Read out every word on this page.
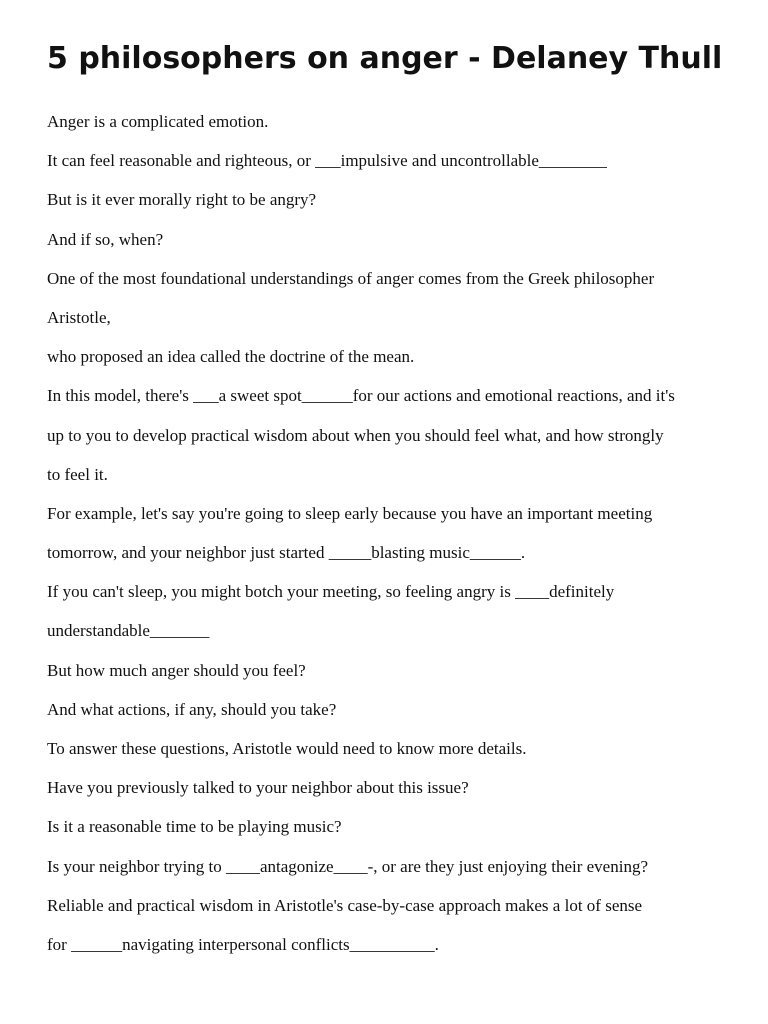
5 philosophers on anger - Delaney Thull
Anger is a complicated emotion.
It can feel reasonable and righteous, or ___impulsive and uncontrollable________
But is it ever morally right to be angry?
And if so, when?
One of the most foundational understandings of anger comes from the Greek philosopher
Aristotle,
who proposed an idea called the doctrine of the mean.
In this model, there's ___a sweet spot______for our actions and emotional reactions, and it's
up to you to develop practical wisdom about when you should feel what, and how strongly
to feel it.
For example, let's say you're going to sleep early because you have an important meeting
tomorrow, and your neighbor just started _____blasting music______.
If you can't sleep, you might botch your meeting, so feeling angry is ____definitely
understandable_______
But how much anger should you feel?
And what actions, if any, should you take?
To answer these questions, Aristotle would need to know more details.
Have you previously talked to your neighbor about this issue?
Is it a reasonable time to be playing music?
Is your neighbor trying to ____antagonize____-, or are they just enjoying their evening?
Reliable and practical wisdom in Aristotle's case-by-case approach makes a lot of sense
for ______navigating interpersonal conflicts__________.
